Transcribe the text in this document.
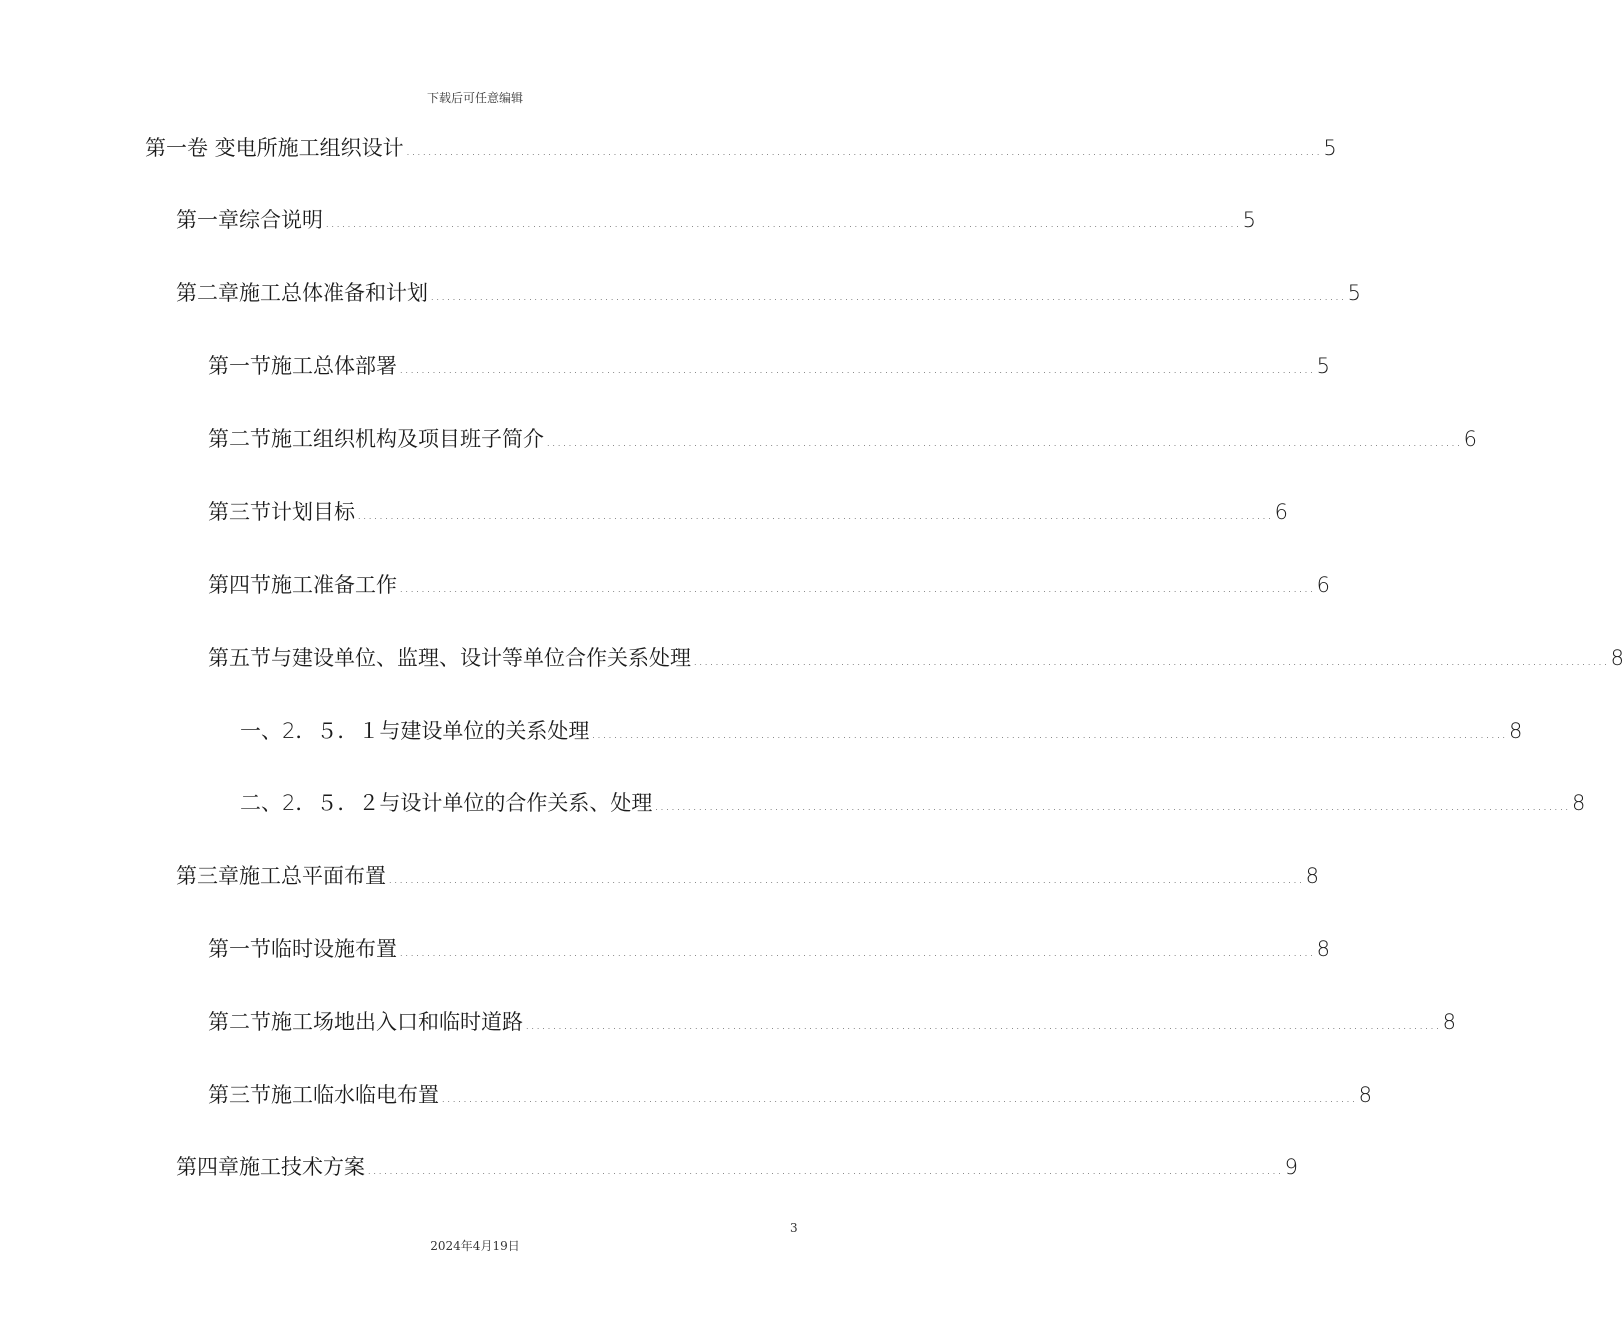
下载后可任意编辑
第一卷 变电所施工组织设计 ........................................................................................................................................................................ 5
第一章综合说明 ........................................................................................................................................................................ 5
第二章施工总体准备和计划 ........................................................................................................................................................................ 5
第一节施工总体部署 ........................................................................................................................................................................ 5
第二节施工组织机构及项目班子简介 ........................................................................................................................................................................ 6
第三节计划目标 ........................................................................................................................................................................ 6
第四节施工准备工作 ........................................................................................................................................................................ 6
第五节与建设单位、监理、设计等单位合作关系处理 ........................................................................................................................................................................ 8
一、2．５．１与建设单位的关系处理 ........................................................................................................................................................................ 8
二、2．５．２与设计单位的合作关系、处理 ........................................................................................................................................................................ 8
第三章施工总平面布置 ........................................................................................................................................................................ 8
第一节临时设施布置 ........................................................................................................................................................................ 8
第二节施工场地出入口和临时道路 ........................................................................................................................................................................ 8
第三节施工临水临电布置 ........................................................................................................................................................................ 8
第四章施工技术方案 ........................................................................................................................................................................ 9
3
2024年4月19日
